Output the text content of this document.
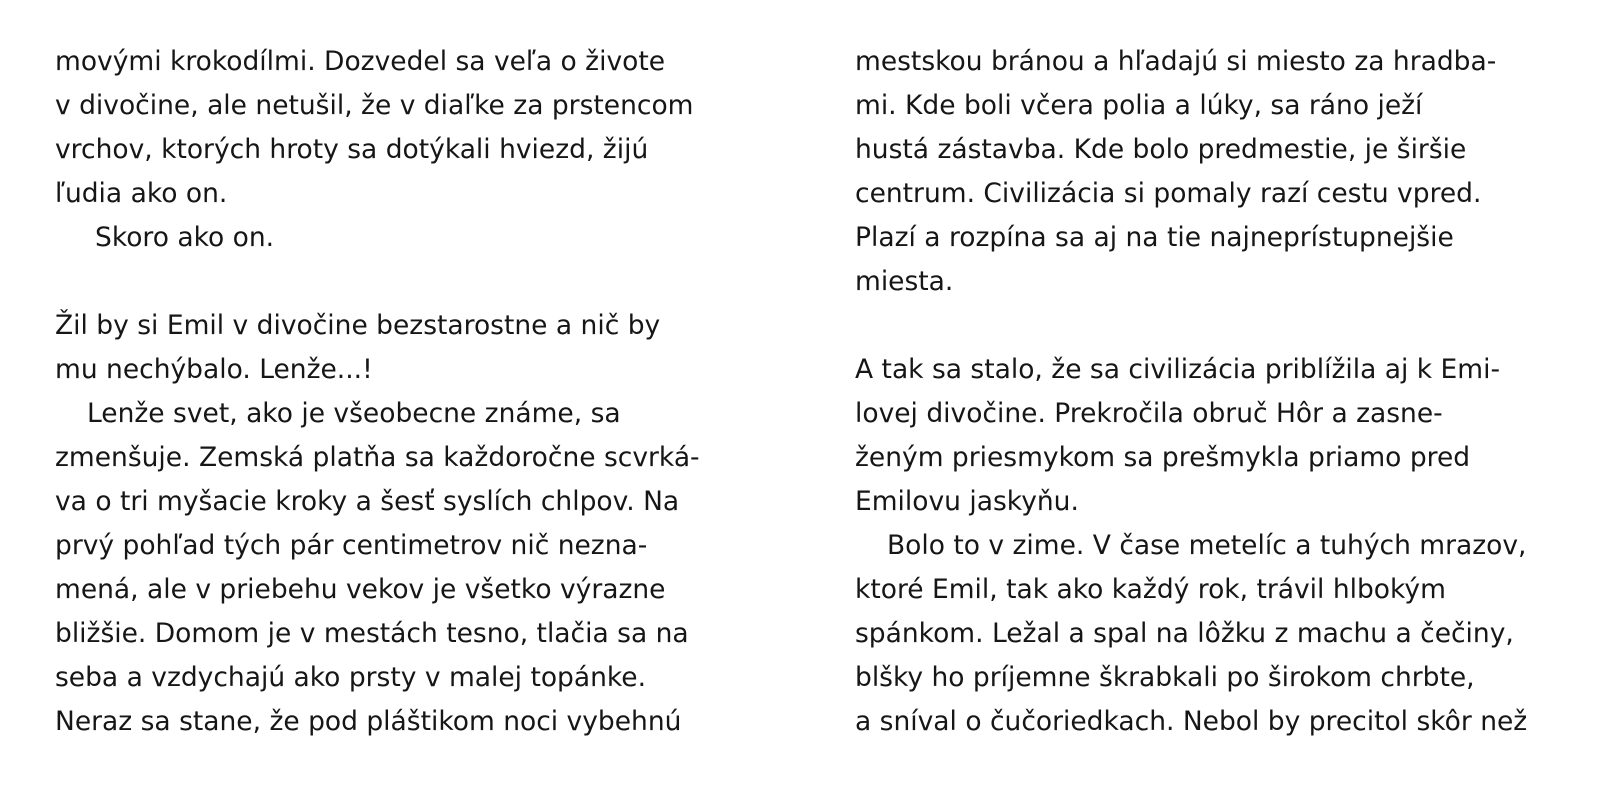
movými krokodílmi. Dozvedel sa veľa o živote
v divočine, ale netušil, že v diaľke za prstencom
vrchov, ktorých hroty sa dotýkali hviezd, žijú
ľudia ako on.
Skoro ako on.
Žil by si Emil v divočine bezstarostne a nič by
mu nechýbalo. Lenže...!
Lenže svet, ako je všeobecne známe, sa
zmenšuje. Zemská platňa sa každoročne scvrká-
va o tri myšacie kroky a šesť syslích chlpov. Na
prvý pohľad tých pár centimetrov nič nezna-
mená, ale v priebehu vekov je všetko výrazne
bližšie. Domom je v mestách tesno, tlačia sa na
seba a vzdychajú ako prsty v malej topánke.
Neraz sa stane, že pod pláštikom noci vybehnú
mestskou bránou a hľadajú si miesto za hradba-
mi. Kde boli včera polia a lúky, sa ráno ježí
hustá zástavba. Kde bolo predmestie, je širšie
centrum. Civilizácia si pomaly razí cestu vpred.
Plazí a rozpína sa aj na tie najneprístupnejšie
miesta.
A tak sa stalo, že sa civilizácia priblížila aj k Emi-
lovej divočine. Prekročila obruč Hôr a zasne-
ženým priesmykom sa prešmykla priamo pred
Emilovu jaskyňu.
Bolo to v zime. V čase metelíc a tuhých mrazov,
ktoré Emil, tak ako každý rok, trávil hlbokým
spánkom. Ležal a spal na lôžku z machu a čečiny,
blšky ho príjemne škrabkali po širokom chrbte,
a sníval o čučoriedkach. Nebol by precitol skôr než
